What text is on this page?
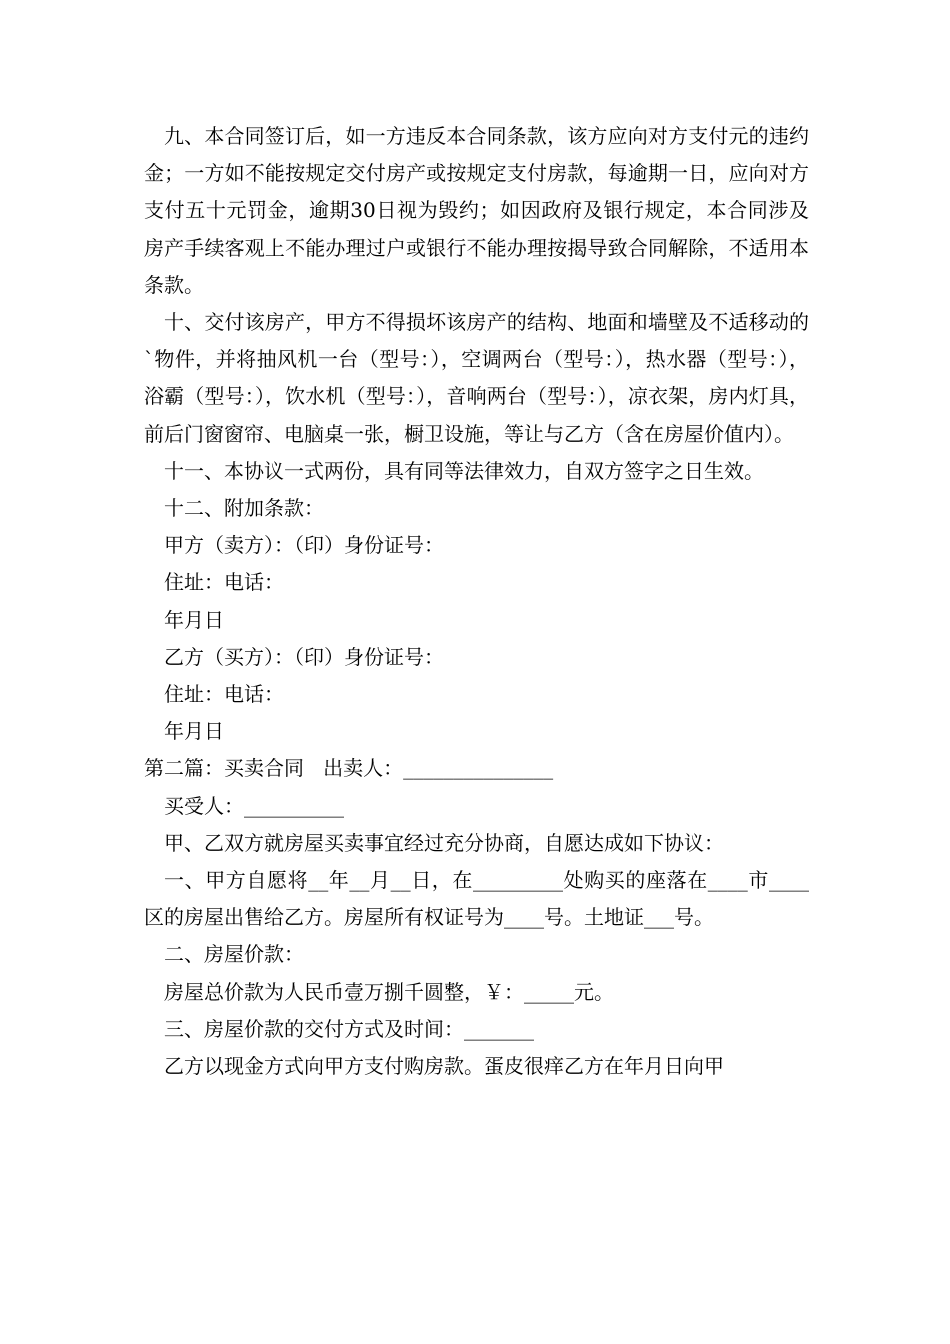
九、本合同签订后，如一方违反本合同条款，该方应向对方支付元的违约金；一方如不能按规定交付房产或按规定支付房款，每逾期一日，应向对方支付五十元罚金，逾期30日视为毁约；如因政府及银行规定，本合同涉及房产手续客观上不能办理过户或银行不能办理按揭导致合同解除，不适用本条款。

十、交付该房产，甲方不得损坏该房产的结构、地面和墙壁及不适移动的`物件，并将抽风机一台（型号：），空调两台（型号：），热水器（型号：），浴霸（型号：），饮水机（型号：），音响两台（型号：），凉衣架，房内灯具，前后门窗窗帘、电脑桌一张，橱卫设施，等让与乙方（含在房屋价值内）。

十一、本协议一式两份，具有同等法律效力，自双方签字之日生效。

十二、附加条款：

甲方（卖方）：（印）身份证号：

住址：电话：

年月日

乙方（买方）：（印）身份证号：

住址：电话：

年月日

第二篇：买卖合同   出卖人：_______________

买受人：__________

甲、乙双方就房屋买卖事宜经过充分协商，自愿达成如下协议：

一、甲方自愿将__年__月__日，在_________处购买的座落在____市____区的房屋出售给乙方。房屋所有权证号为____号。土地证___号。

二、房屋价款：

房屋总价款为人民币壹万捌千圆整，￥：_____元。

三、房屋价款的交付方式及时间：_______

乙方以现金方式向甲方支付购房款。蛋皮很痒乙方在年月日向甲
